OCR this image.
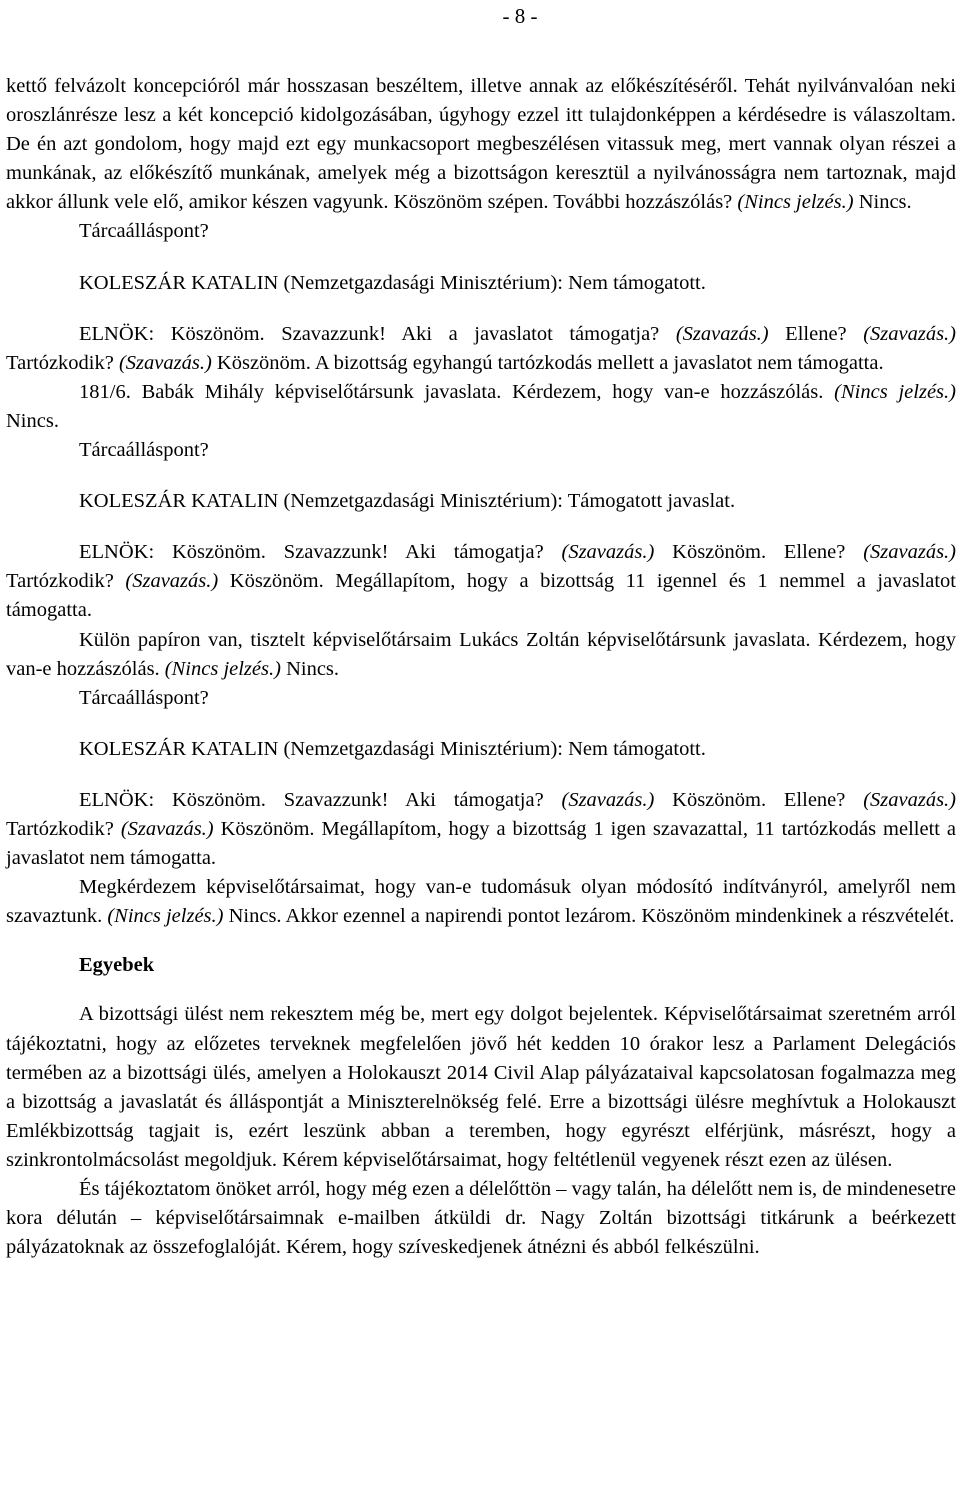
- 8 -

kettő felvázolt koncepcióról már hosszasan beszéltem, illetve annak az előkészítéséről. Tehát nyilvánvalóan neki oroszlánrésze lesz a két koncepció kidolgozásában, úgyhogy ezzel itt tulajdonképpen a kérdésedre is válaszoltam. De én azt gondolom, hogy majd ezt egy munkacsoport megbeszélésen vitassuk meg, mert vannak olyan részei a munkának, az előkészítő munkának, amelyek még a bizottságon keresztül a nyilvánosságra nem tartoznak, majd akkor állunk vele elő, amikor készen vagyunk. Köszönöm szépen. További hozzászólás? (Nincs jelzés.) Nincs.

Tárcaálláspont?

KOLESZÁR KATALIN (Nemzetgazdasági Minisztérium): Nem támogatott.

ELNÖK: Köszönöm. Szavazzunk! Aki a javaslatot támogatja? (Szavazás.) Ellene? (Szavazás.) Tartózkodik? (Szavazás.) Köszönöm. A bizottság egyhangú tartózkodás mellett a javaslatot nem támogatta.

181/6. Babák Mihály képviselőtársunk javaslata. Kérdezem, hogy van-e hozzászólás. (Nincs jelzés.) Nincs.

Tárcaálláspont?

KOLESZÁR KATALIN (Nemzetgazdasági Minisztérium): Támogatott javaslat.

ELNÖK: Köszönöm. Szavazzunk! Aki támogatja? (Szavazás.) Köszönöm. Ellene? (Szavazás.) Tartózkodik? (Szavazás.) Köszönöm. Megállapítom, hogy a bizottság 11 igennel és 1 nemmel a javaslatot támogatta.

Külön papíron van, tisztelt képviselőtársaim Lukács Zoltán képviselőtársunk javaslata. Kérdezem, hogy van-e hozzászólás. (Nincs jelzés.) Nincs.

Tárcaálláspont?

KOLESZÁR KATALIN (Nemzetgazdasági Minisztérium): Nem támogatott.

ELNÖK: Köszönöm. Szavazzunk! Aki támogatja? (Szavazás.) Köszönöm. Ellene? (Szavazás.) Tartózkodik? (Szavazás.) Köszönöm. Megállapítom, hogy a bizottság 1 igen szavazattal, 11 tartózkodás mellett a javaslatot nem támogatta.

Megkérdezem képviselőtársaimat, hogy van-e tudomásuk olyan módosító indítványról, amelyről nem szavaztunk. (Nincs jelzés.) Nincs. Akkor ezennel a napirendi pontot lezárom. Köszönöm mindenkinek a részvételét.

Egyebek

A bizottsági ülést nem rekesztem még be, mert egy dolgot bejelentek. Képviselőtársaimat szeretném arról tájékoztatni, hogy az előzetes terveknek megfelelően jövő hét kedden 10 órakor lesz a Parlament Delegációs termében az a bizottsági ülés, amelyen a Holokauszt 2014 Civil Alap pályázataival kapcsolatosan fogalmazza meg a bizottság a javaslatát és álláspontját a Miniszterelnökség felé. Erre a bizottsági ülésre meghívtuk a Holokauszt Emlékbizottság tagjait is, ezért leszünk abban a teremben, hogy egyrészt elférjünk, másrészt, hogy a szinkrontolmácsolást megoldjuk. Kérem képviselőtársaimat, hogy feltétlenül vegyenek részt ezen az ülésen.

És tájékoztatom önöket arról, hogy még ezen a délelőttön – vagy talán, ha délelőtt nem is, de mindenesetre kora délután – képviselőtársaimnak e-mailben átküldi dr. Nagy Zoltán bizottsági titkárunk a beérkezett pályázatoknak az összefoglalóját. Kérem, hogy szíveskedjenek átnézni és abból felkészülni.
